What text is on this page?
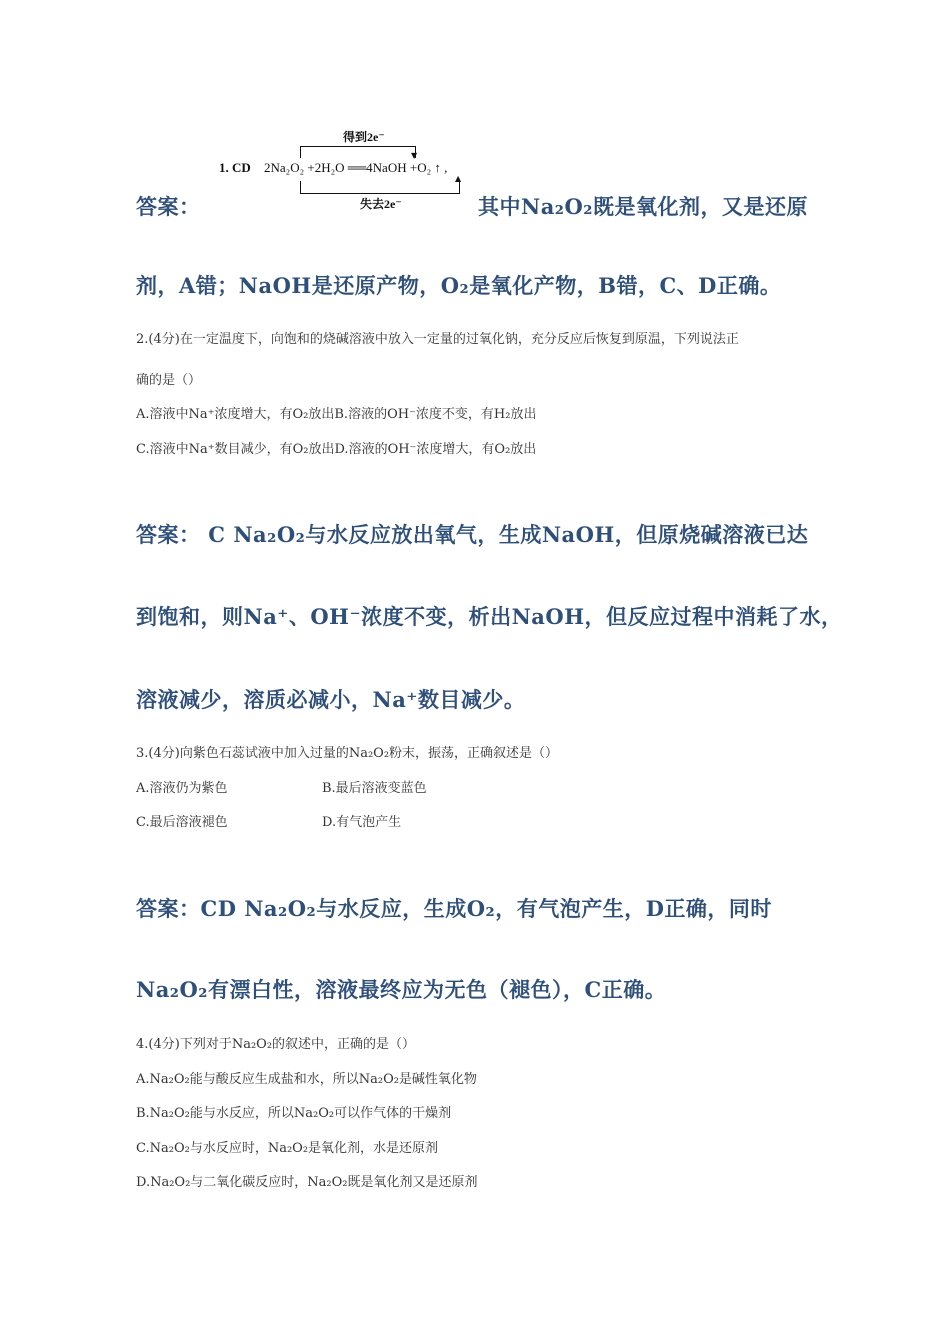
得到2e⁻
▼
1. CD 2Na₂O₂ +2H₂O ══4NaOH +O₂ ↑ ,
▲
失去2e⁻
答案：	其中Na₂O₂既是氧化剂，又是还原
剂，A错；NaOH是还原产物，O₂是氧化产物，B错，C、D正确。
2.(4分)在一定温度下，向饱和的烧碱溶液中放入一定量的过氧化钠，充分反应后恢复到原温，下列说法正
确的是（）
A.溶液中Na⁺浓度增大，有O₂放出B.溶液的OH⁻浓度不变，有H₂放出
C.溶液中Na⁺数目减少，有O₂放出D.溶液的OH⁻浓度增大，有O₂放出
答案： C Na₂O₂与水反应放出氧气，生成NaOH，但原烧碱溶液已达
到饱和，则Na⁺、OH⁻浓度不变，析出NaOH，但反应过程中消耗了水，
溶液减少，溶质必减小，Na⁺数目减少。
3.(4分)向紫色石蕊试液中加入过量的Na₂O₂粉末，振荡，正确叙述是（）
A.溶液仍为紫色	B.最后溶液变蓝色
C.最后溶液褪色	D.有气泡产生
答案：CD Na₂O₂与水反应，生成O₂，有气泡产生，D正确，同时
Na₂O₂有漂白性，溶液最终应为无色（褪色），C正确。
4.(4分)下列对于Na₂O₂的叙述中，正确的是（）
A.Na₂O₂能与酸反应生成盐和水，所以Na₂O₂是碱性氧化物
B.Na₂O₂能与水反应，所以Na₂O₂可以作气体的干燥剂
C.Na₂O₂与水反应时，Na₂O₂是氧化剂，水是还原剂
D.Na₂O₂与二氧化碳反应时，Na₂O₂既是氧化剂又是还原剂
